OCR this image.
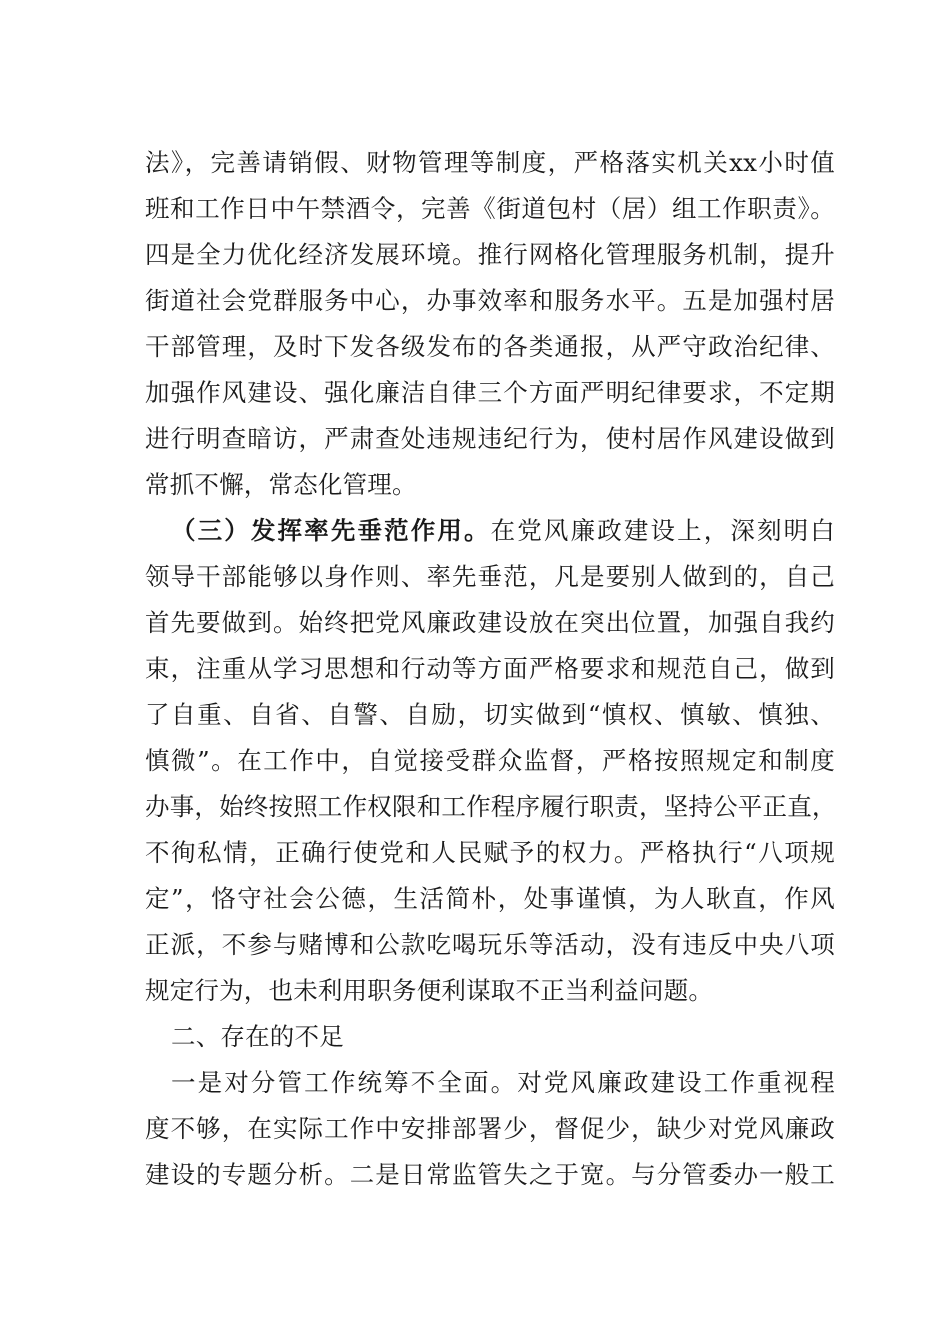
法》，完善请销假、财物管理等制度，严格落实机关xx小时值
班和工作日中午禁酒令，完善《街道包村（居）组工作职责》。
四是全力优化经济发展环境。推行网格化管理服务机制，提升
街道社会党群服务中心，办事效率和服务水平。五是加强村居
干部管理，及时下发各级发布的各类通报，从严守政治纪律、
加强作风建设、强化廉洁自律三个方面严明纪律要求，不定期
进行明查暗访，严肃查处违规违纪行为，使村居作风建设做到
常抓不懈，常态化管理。
（三）发挥率先垂范作用。在党风廉政建设上，深刻明白
领导干部能够以身作则、率先垂范，凡是要别人做到的，自己
首先要做到。始终把党风廉政建设放在突出位置，加强自我约
束，注重从学习思想和行动等方面严格要求和规范自己，做到
了自重、自省、自警、自励，切实做到“慎权、慎敏、慎独、
慎微”。在工作中，自觉接受群众监督，严格按照规定和制度
办事，始终按照工作权限和工作程序履行职责，坚持公平正直，
不徇私情，正确行使党和人民赋予的权力。严格执行“八项规
定”，恪守社会公德，生活简朴，处事谨慎，为人耿直，作风
正派，不参与赌博和公款吃喝玩乐等活动，没有违反中央八项
规定行为，也未利用职务便利谋取不正当利益问题。
二、存在的不足
一是对分管工作统筹不全面。对党风廉政建设工作重视程
度不够，在实际工作中安排部署少，督促少，缺少对党风廉政
建设的专题分析。二是日常监管失之于宽。与分管委办一般工
